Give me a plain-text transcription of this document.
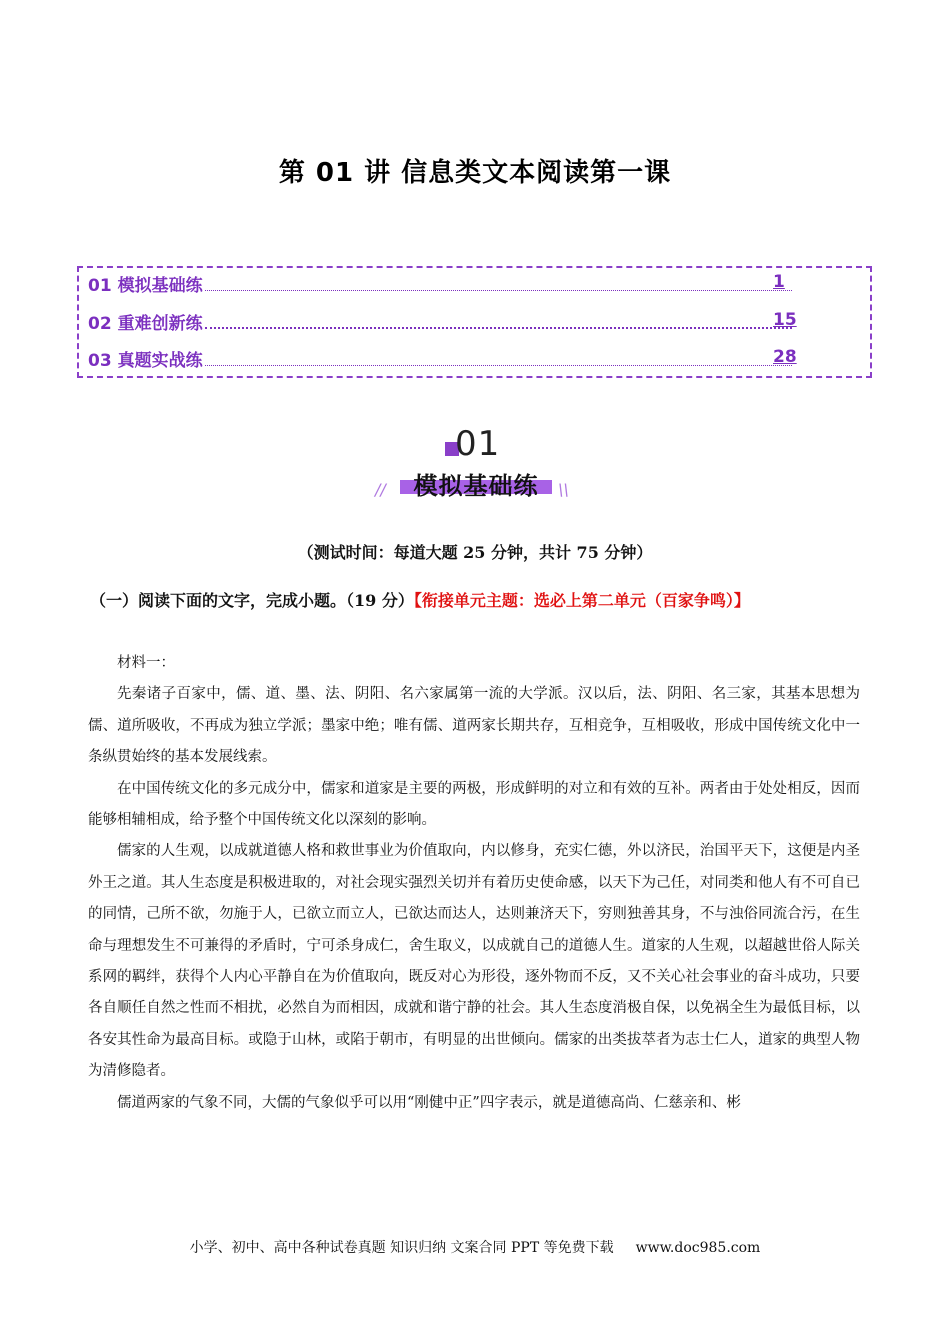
第 01 讲 信息类文本阅读第一课
01 模拟基础练	1
02 重难创新练	15
03 真题实战练	28
01
//	模拟基础练	\\
（测试时间：每道大题 25 分钟，共计 75 分钟）
（一）阅读下面的文字，完成小题。（19 分）【衔接单元主题：选必上第二单元（百家争鸣）】

材料一：

先秦诸子百家中，儒、道、墨、法、阴阳、名六家属第一流的大学派。汉以后，法、阴阳、名三家，其基本思想为儒、道所吸收，不再成为独立学派；墨家中绝；唯有儒、道两家长期共存，互相竞争，互相吸收，形成中国传统文化中一条纵贯始终的基本发展线索。

在中国传统文化的多元成分中，儒家和道家是主要的两极，形成鲜明的对立和有效的互补。两者由于处处相反，因而能够相辅相成，给予整个中国传统文化以深刻的影响。

儒家的人生观，以成就道德人格和救世事业为价值取向，内以修身，充实仁德，外以济民，治国平天下，这便是内圣外王之道。其人生态度是积极进取的，对社会现实强烈关切并有着历史使命感，以天下为己任，对同类和他人有不可自已的同情，己所不欲，勿施于人，已欲立而立人，已欲达而达人，达则兼济天下，穷则独善其身，不与浊俗同流合污，在生命与理想发生不可兼得的矛盾时，宁可杀身成仁，舍生取义，以成就自己的道德人生。道家的人生观，以超越世俗人际关系网的羁绊，获得个人内心平静自在为价值取向，既反对心为形役，逐外物而不反，又不关心社会事业的奋斗成功，只要各自顺任自然之性而不相扰，必然自为而相因，成就和谐宁静的社会。其人生态度消极自保，以免祸全生为最低目标，以各安其性命为最高目标。或隐于山林，或陷于朝市，有明显的出世倾向。儒家的出类拔萃者为志士仁人，道家的典型人物为清修隐者。

儒道两家的气象不同，大儒的气象似乎可以用“刚健中正”四字表示，就是道德高尚、仁慈亲和、彬

小学、初中、高中各种试卷真题 知识归纳 文案合同 PPT 等免费下载 www.doc985.com
